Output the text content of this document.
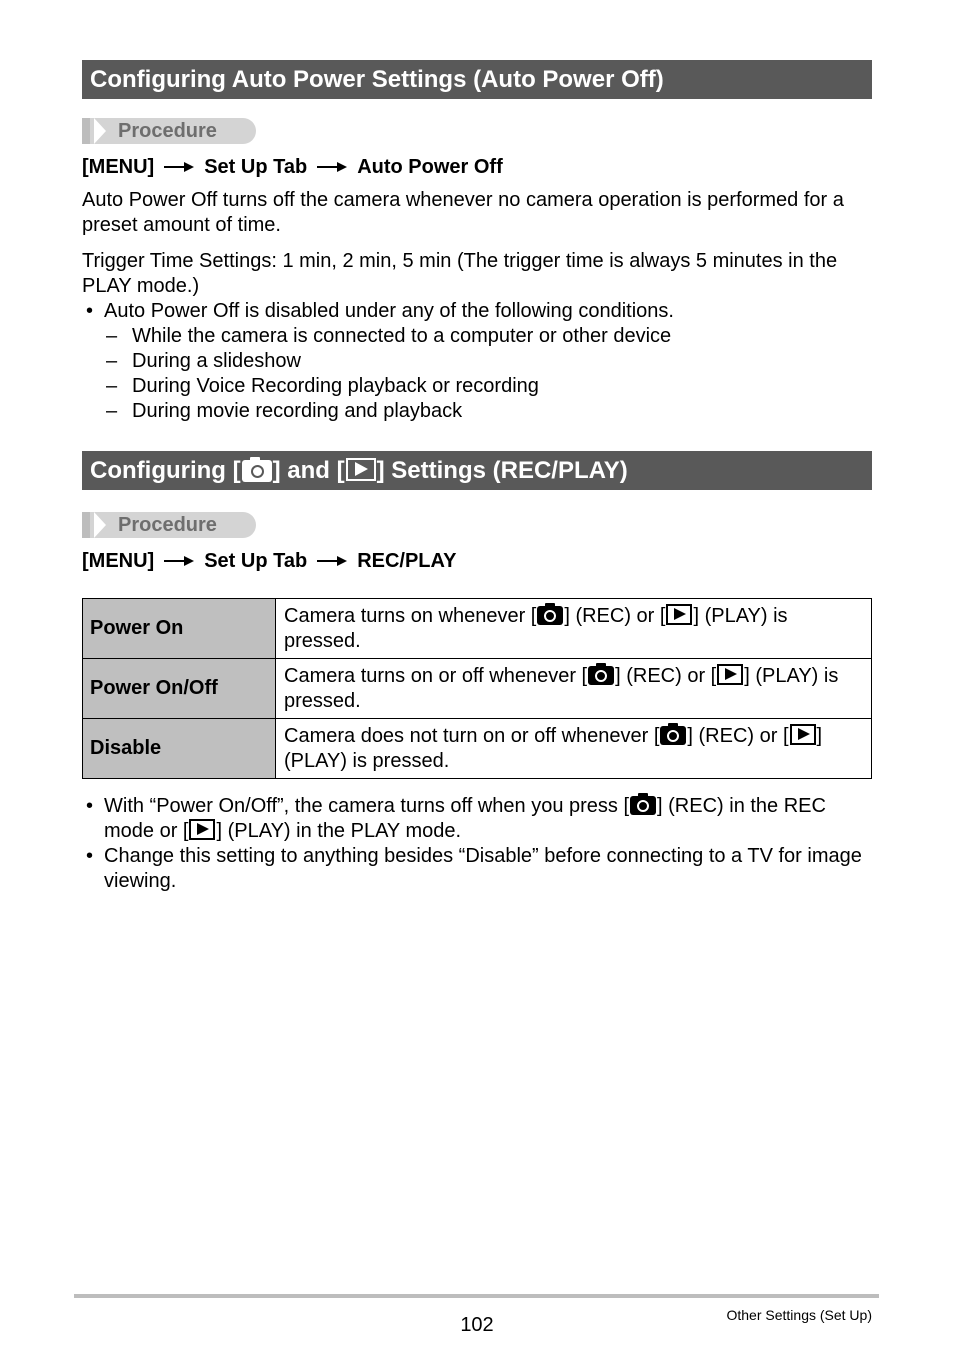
Configuring Auto Power Settings (Auto Power Off)
Procedure
[MENU]	Set Up Tab	Auto Power Off
Auto Power Off turns off the camera whenever no camera operation is performed for a preset amount of time.
Trigger Time Settings: 1 min, 2 min, 5 min (The trigger time is always 5 minutes in the PLAY mode.)
• Auto Power Off is disabled under any of the following conditions.
– While the camera is connected to a computer or other device
– During a slideshow
– During Voice Recording playback or recording
– During movie recording and playback
Configuring [ ] and [ ] Settings (REC/PLAY)
Procedure
[MENU]	Set Up Tab	REC/PLAY
Power On	Camera turns on whenever [ ] (REC) or [ ] (PLAY) is pressed.
Power On/Off	Camera turns on or off whenever [ ] (REC) or [ ] (PLAY) is pressed.
Disable	Camera does not turn on or off whenever [ ] (REC) or [ ] (PLAY) is pressed.
• With “Power On/Off”, the camera turns off when you press [ ] (REC) in the REC mode or [ ] (PLAY) in the PLAY mode.
• Change this setting to anything besides “Disable” before connecting to a TV for image viewing.
102	Other Settings (Set Up)
